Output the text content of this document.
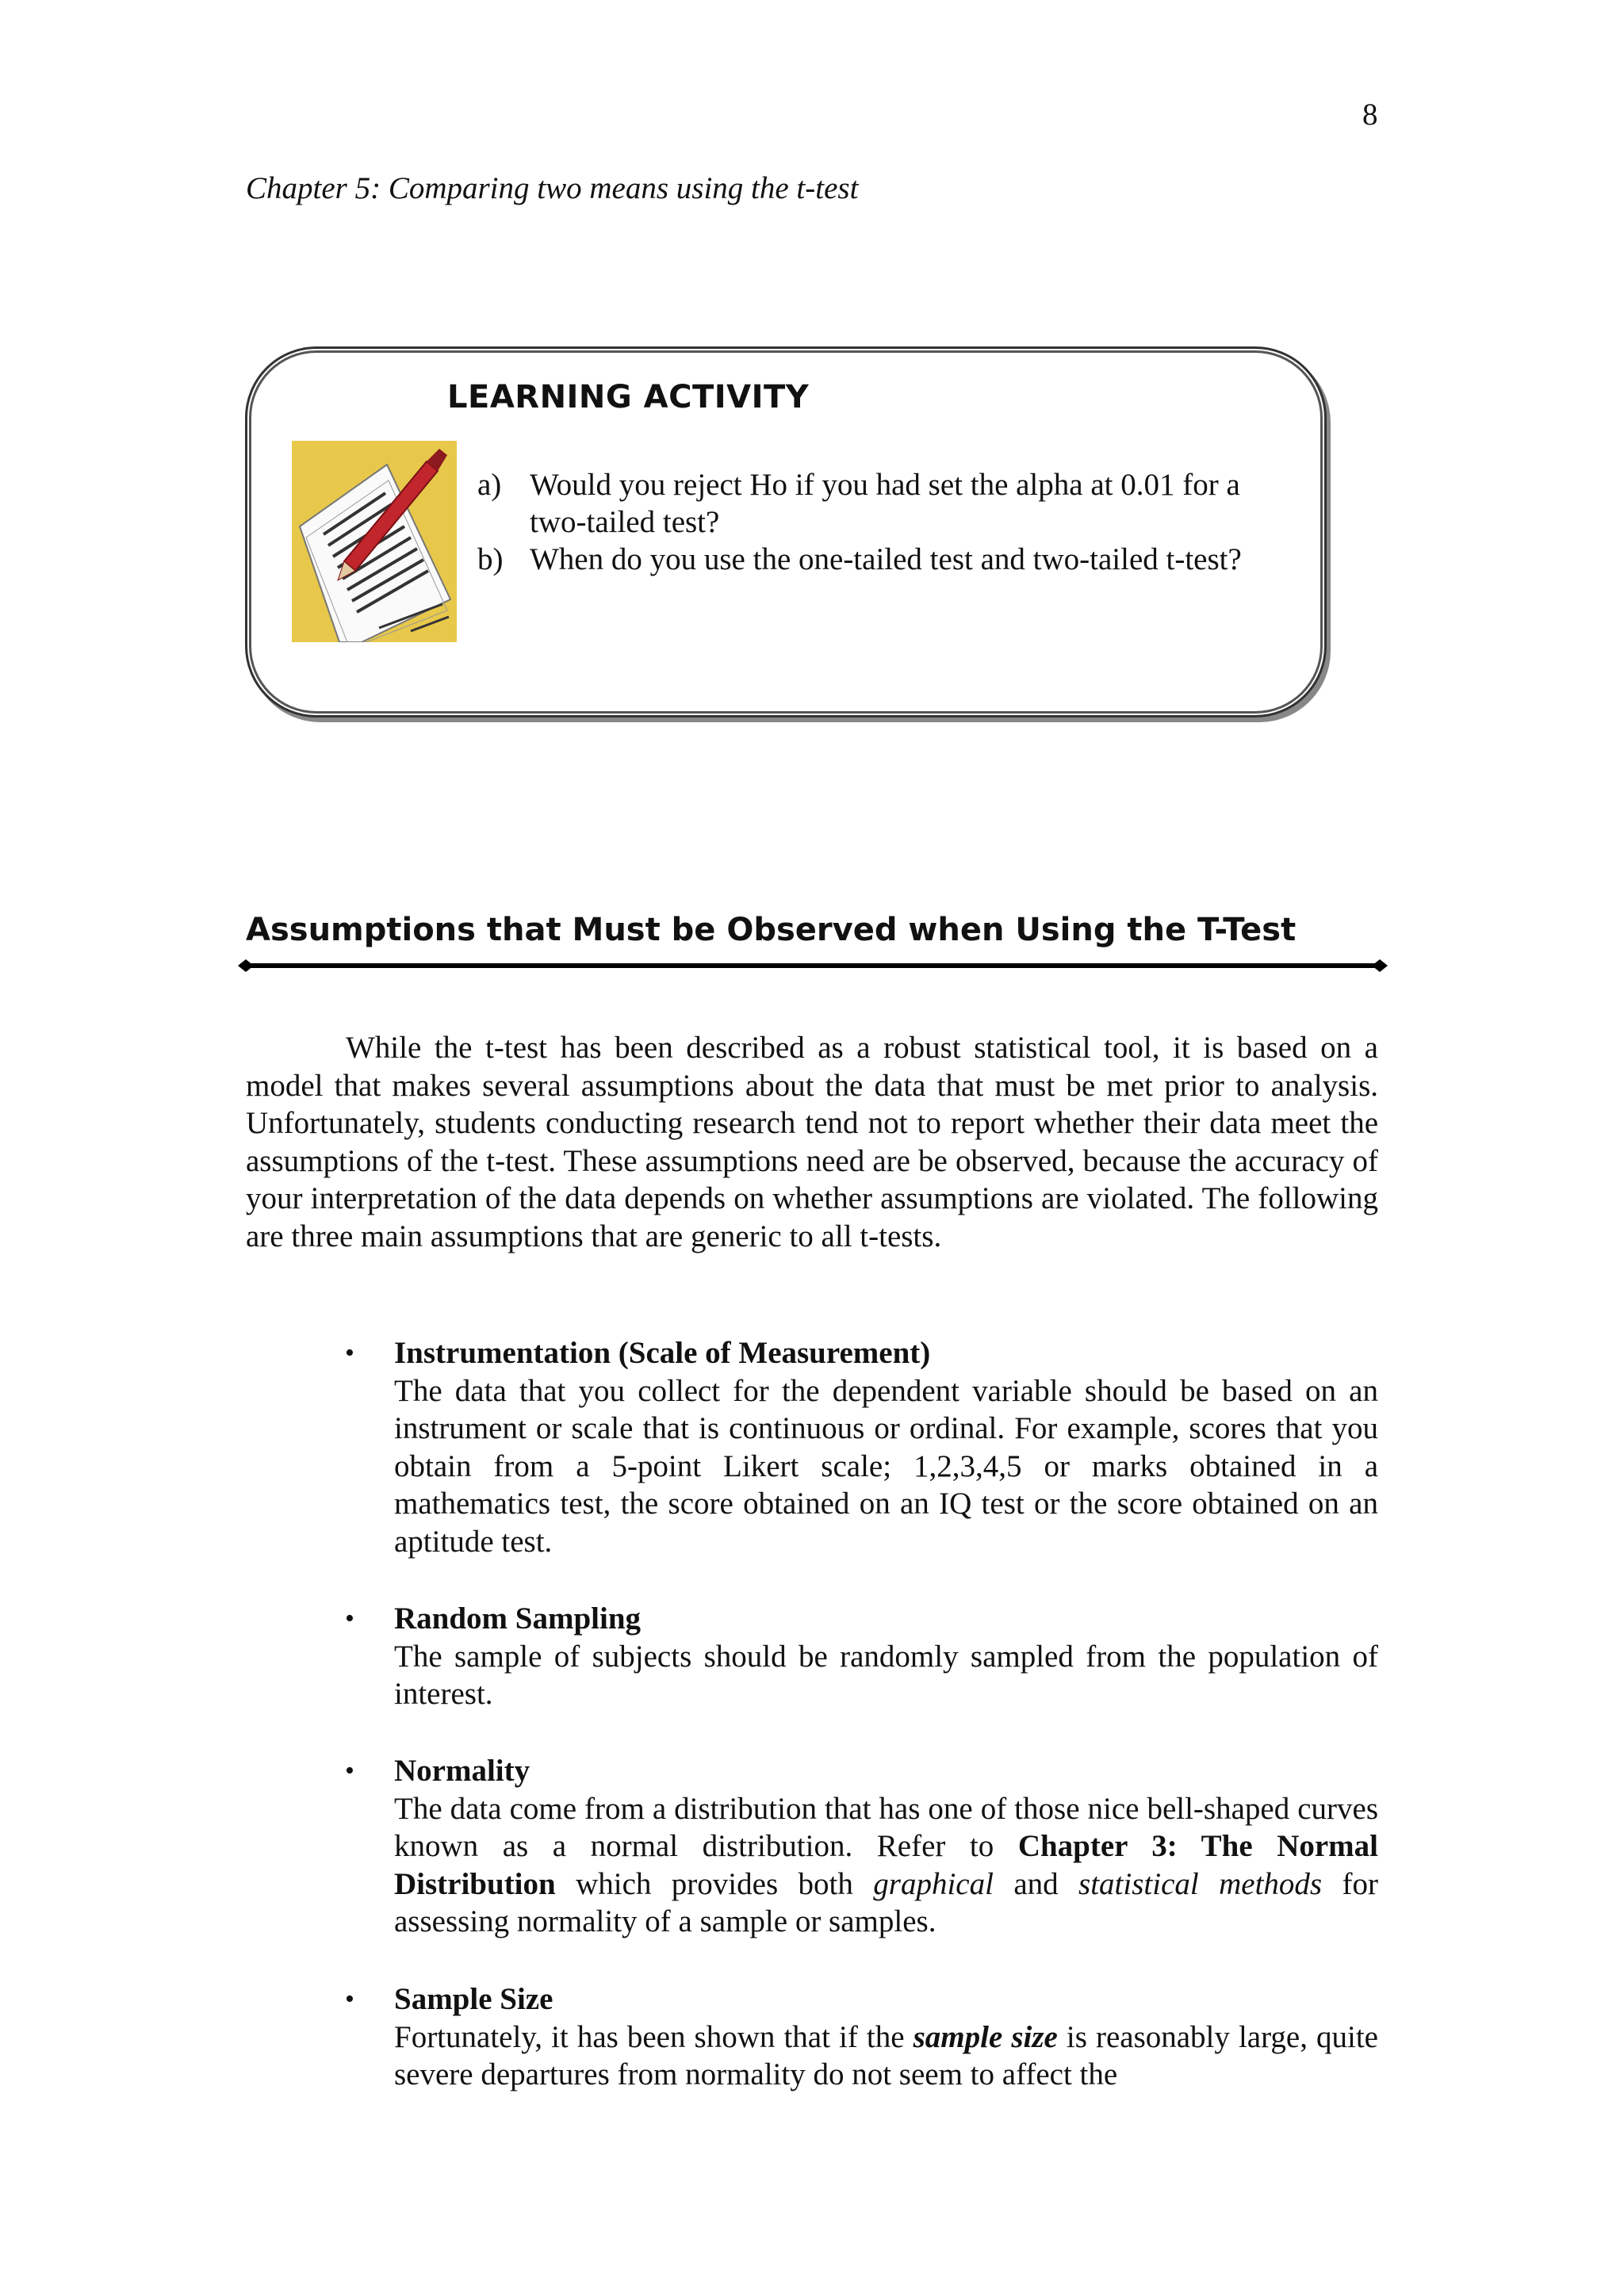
8
Chapter 5: Comparing two means using the t-test
LEARNING ACTIVITY
a) Would you reject Ho if you had set the alpha at 0.01 for a two-tailed test?
b) When do you use the one-tailed test and two-tailed t-test?
Assumptions that Must be Observed when Using the T-Test

While the t-test has been described as a robust statistical tool, it is based on a model that makes several assumptions about the data that must be met prior to analysis. Unfortunately, students conducting research tend not to report whether their data meet the assumptions of the t-test. These assumptions need are be observed, because the accuracy of your interpretation of the data depends on whether assumptions are violated. The following are three main assumptions that are generic to all t-tests.

• Instrumentation (Scale of Measurement)

The data that you collect for the dependent variable should be based on an instrument or scale that is continuous or ordinal. For example, scores that you obtain from a 5-point Likert scale; 1,2,3,4,5 or marks obtained in a mathematics test, the score obtained on an IQ test or the score obtained on an aptitude test.

• Random Sampling

The sample of subjects should be randomly sampled from the population of interest.

• Normality

The data come from a distribution that has one of those nice bell-shaped curves known as a normal distribution. Refer to Chapter 3: The Normal Distribution which provides both graphical and statistical methods for assessing normality of a sample or samples.

• Sample Size

Fortunately, it has been shown that if the sample size is reasonably large, quite severe departures from normality do not seem to affect the
